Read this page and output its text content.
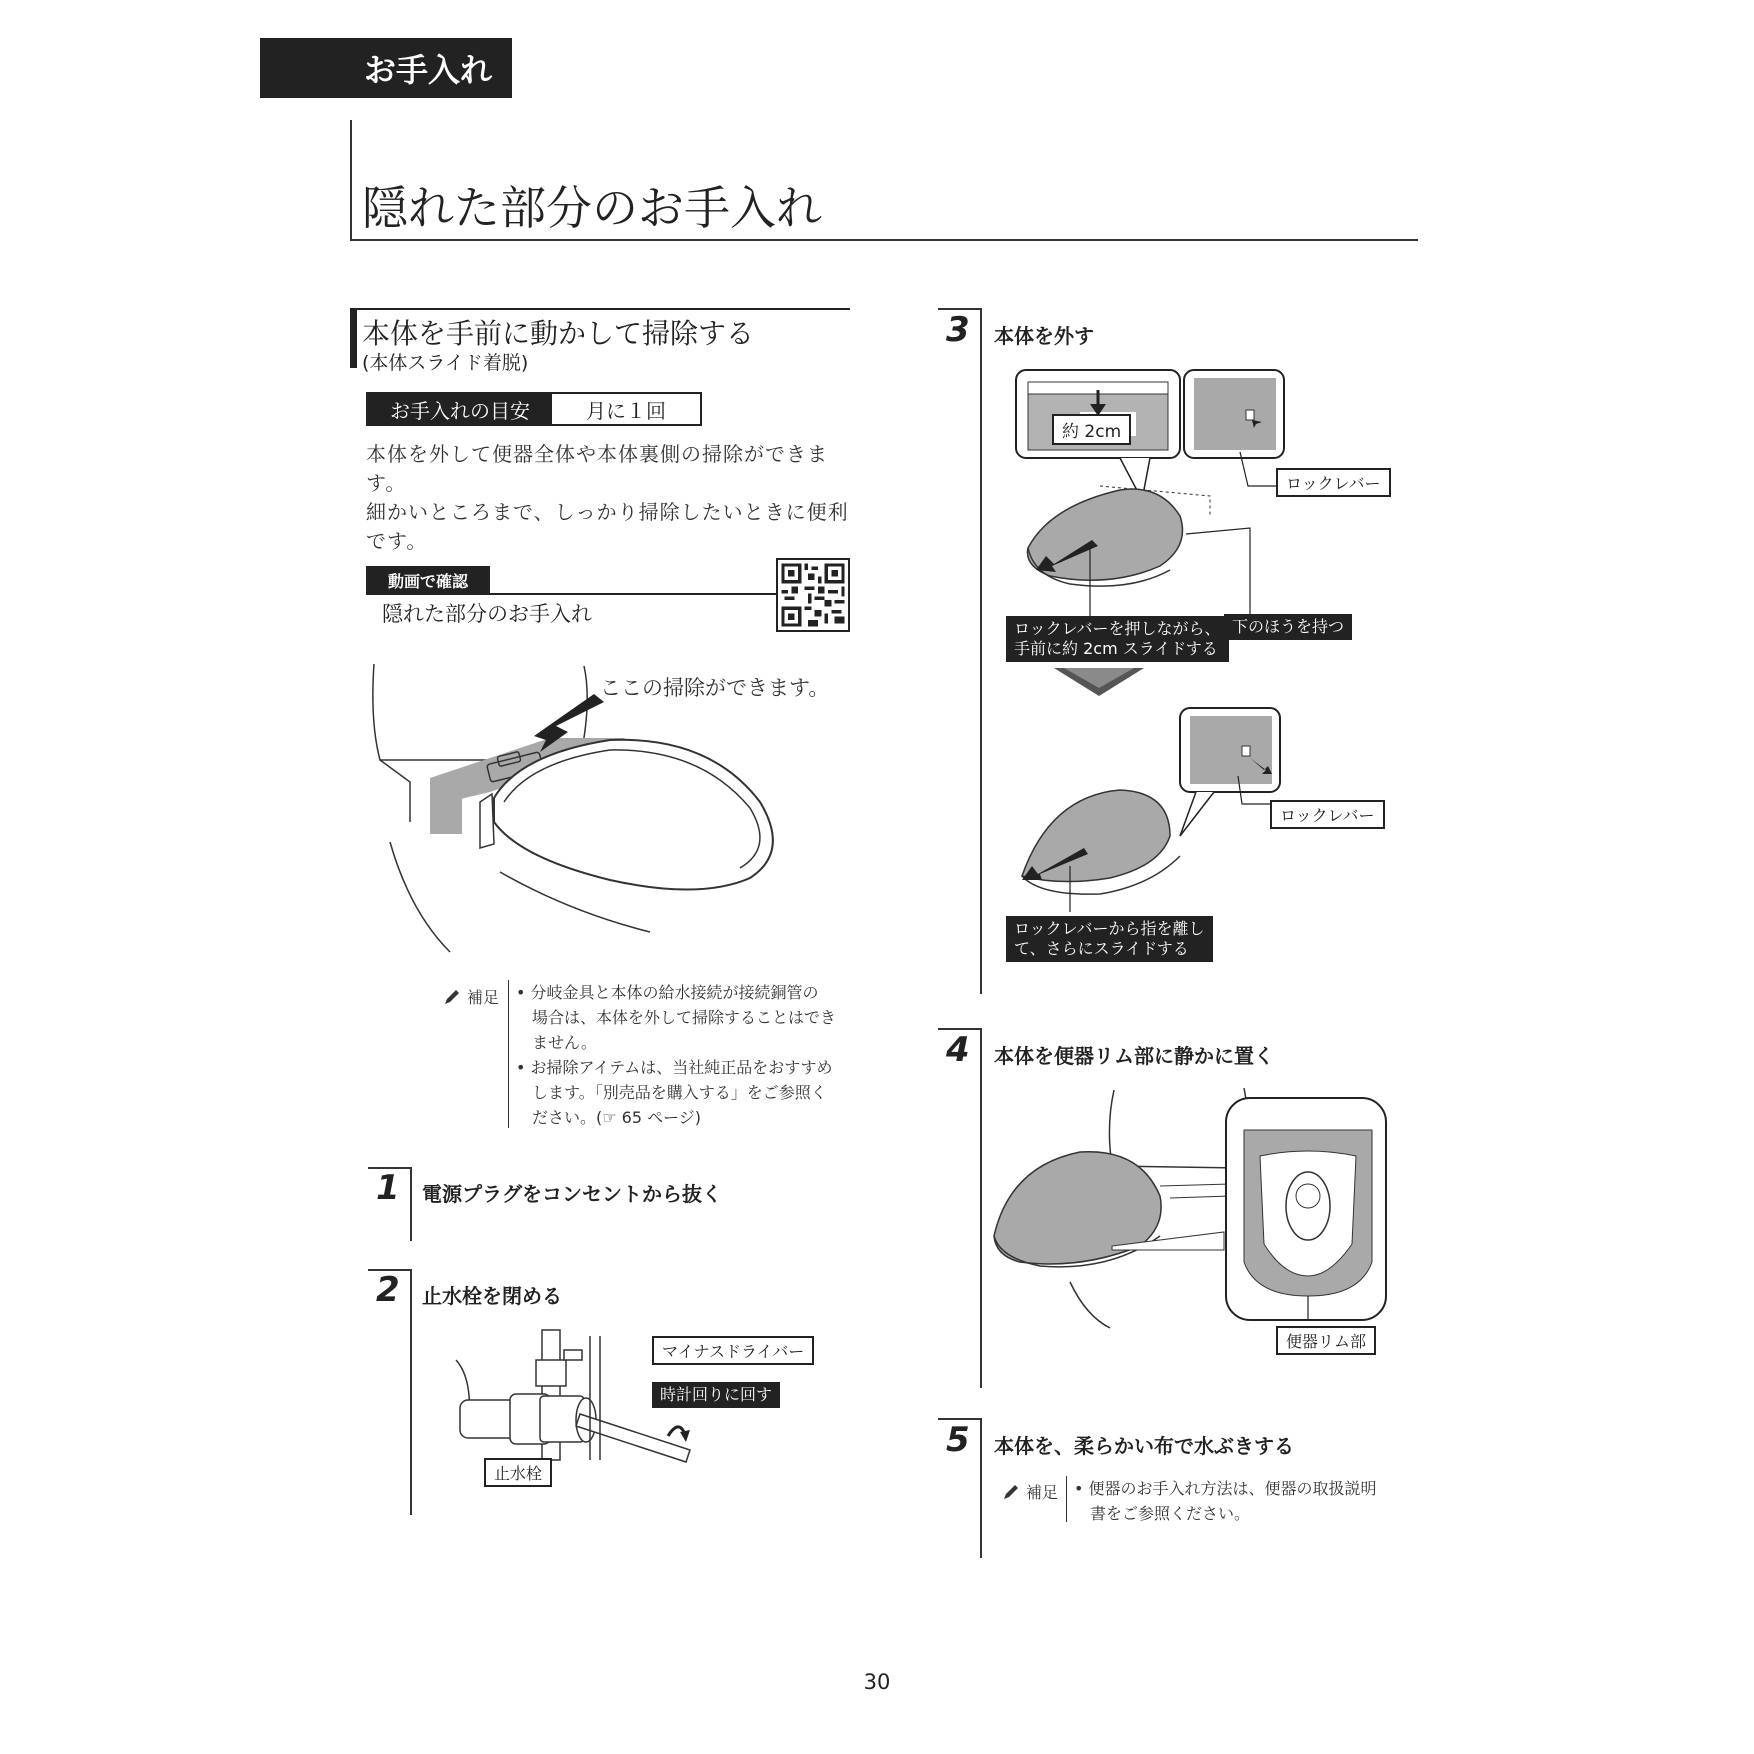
お手入れ
隠れた部分のお手入れ
本体を手前に動かして掃除する
(本体スライド着脱)
お手入れの目安	月に１回
本体を外して便器全体や本体裏側の掃除ができま
す。
細かいところまで、しっかり掃除したいときに便利
です。
動画で確認
隠れた部分のお手入れ
ここの掃除ができます。
補足 • 分岐金具と本体の給水接続が接続銅管の
　場合は、本体を外して掃除することはでき
　ません。
• お掃除アイテムは、当社純正品をおすすめ
　します。「別売品を購入する」をご参照く
　ださい。(☞ 65 ページ)
1 電源プラグをコンセントから抜く
2 止水栓を閉める
マイナスドライバー
時計回りに回す
止水栓
3 本体を外す
約 2cm
ロックレバー
ロックレバーを押しながら、
手前に約 2cm スライドする
下のほうを持つ
ロックレバー
ロックレバーから指を離し
て、さらにスライドする
4 本体を便器リム部に静かに置く
便器リム部
5 本体を、柔らかい布で水ぶきする
補足 • 便器のお手入れ方法は、便器の取扱説明
　書をご参照ください。
30
